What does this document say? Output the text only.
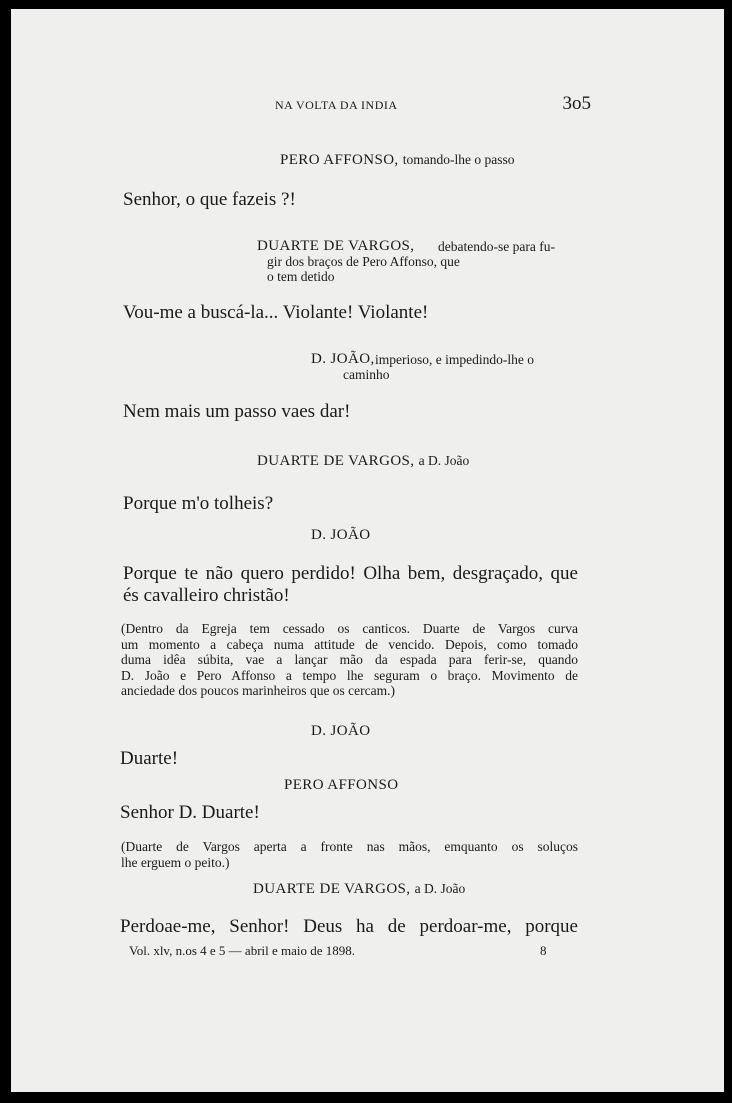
NA VOLTA DA INDIA	3o5
PERO AFFONSO, tomando-lhe o passo
Senhor, o que fazeis ?!
DUARTE DE VARGOS, debatendo-se para fu-
gir dos braços de Pero Affonso, que
o tem detido
Vou-me a buscá-la... Violante! Violante!
D. JOÃO, imperioso, e impedindo-lhe o
caminho
Nem mais um passo vaes dar!
DUARTE DE VARGOS, a D. João
Porque m'o tolheis?
D. JOÃO
Porque te não quero perdido! Olha bem, desgraçado, que
és cavalleiro christão!
(Dentro da Egreja tem cessado os canticos. Duarte de Vargos curva
um momento a cabeça numa attitude de vencido. Depois, como tomado
duma idêa súbita, vae a lançar mão da espada para ferir-se, quando
D. João e Pero Affonso a tempo lhe seguram o braço. Movimento de
anciedade dos poucos marinheiros que os cercam.)
D. JOÃO
Duarte!
PERO AFFONSO
Senhor D. Duarte!
(Duarte de Vargos aperta a fronte nas mãos, emquanto os soluços
lhe erguem o peito.)
DUARTE DE VARGOS, a D. João
Perdoae-me, Senhor! Deus ha de perdoar-me, porque
Vol. xlv, n.os 4 e 5 — abril e maio de 1898.	8
